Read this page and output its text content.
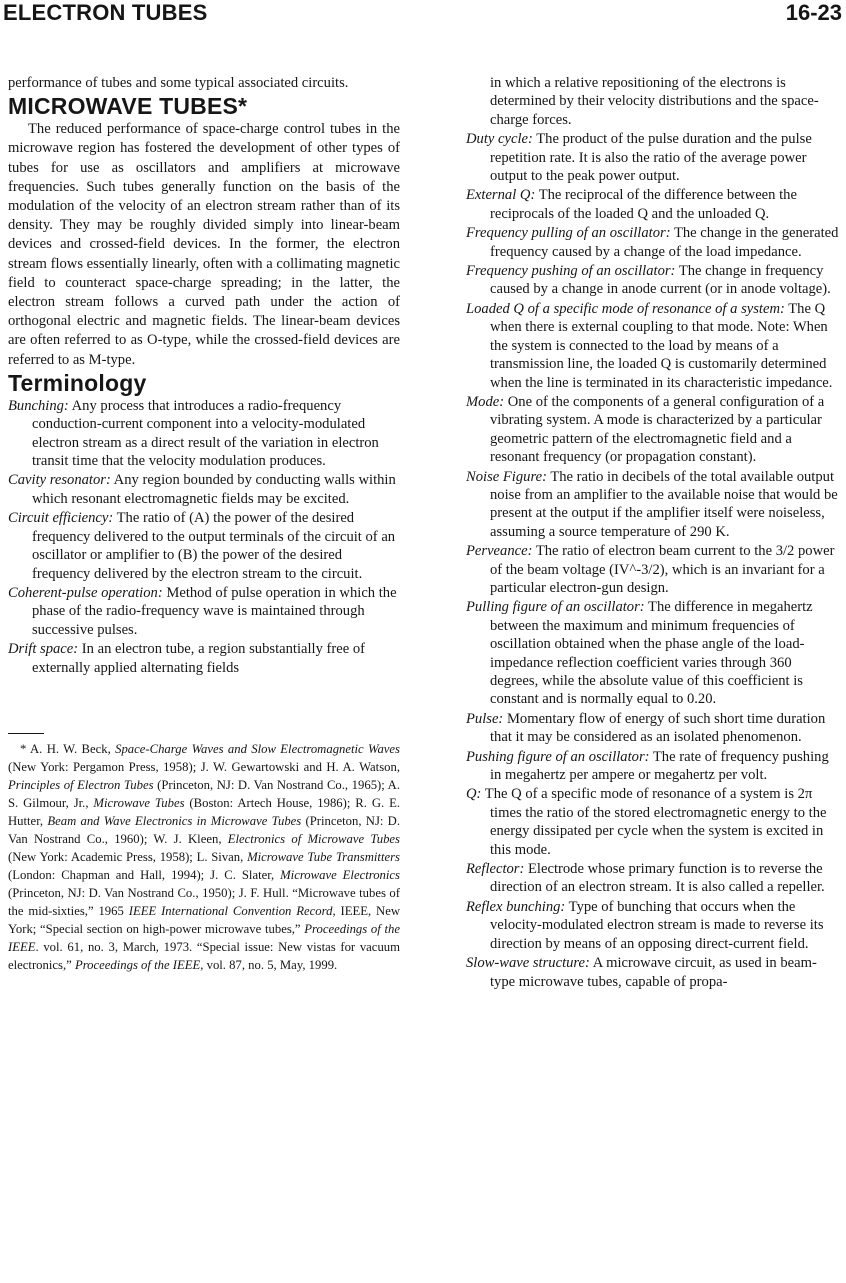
ELECTRON TUBES	16-23

performance of tubes and some typical associated circuits.

MICROWAVE TUBES*

The reduced performance of space-charge control tubes in the microwave region has fostered the development of other types of tubes for use as oscillators and amplifiers at microwave frequencies. Such tubes generally function on the basis of the modulation of the velocity of an electron stream rather than of its density. They may be roughly divided simply into linear-beam devices and crossed-field devices. In the former, the electron stream flows essentially linearly, often with a collimating magnetic field to counteract space-charge spreading; in the latter, the electron stream follows a curved path under the action of orthogonal electric and magnetic fields. The linear-beam devices are often referred to as O-type, while the crossed-field devices are referred to as M-type.

Terminology

Bunching: Any process that introduces a radio-frequency conduction-current component into a velocity-modulated electron stream as a direct result of the variation in electron transit time that the velocity modulation produces.

Cavity resonator: Any region bounded by conducting walls within which resonant electromagnetic fields may be excited.

Circuit efficiency: The ratio of (A) the power of the desired frequency delivered to the output terminals of the circuit of an oscillator or amplifier to (B) the power of the desired frequency delivered by the electron stream to the circuit.

Coherent-pulse operation: Method of pulse operation in which the phase of the radio-frequency wave is maintained through successive pulses.

Drift space: In an electron tube, a region substantially free of externally applied alternating fields

* A. H. W. Beck, Space-Charge Waves and Slow Electromagnetic Waves (New York: Pergamon Press, 1958); J. W. Gewartowski and H. A. Watson, Principles of Electron Tubes (Princeton, NJ: D. Van Nostrand Co., 1965); A. S. Gilmour, Jr., Microwave Tubes (Boston: Artech House, 1986); R. G. E. Hutter, Beam and Wave Electronics in Microwave Tubes (Princeton, NJ: D. Van Nostrand Co., 1960); W. J. Kleen, Electronics of Microwave Tubes (New York: Academic Press, 1958); L. Sivan, Microwave Tube Transmitters (London: Chapman and Hall, 1994); J. C. Slater, Microwave Electronics (Princeton, NJ: D. Van Nostrand Co., 1950); J. F. Hull. “Microwave tubes of the mid-sixties,” 1965 IEEE International Convention Record, IEEE, New York; “Special section on high-power microwave tubes,” Proceedings of the IEEE. vol. 61, no. 3, March, 1973. “Special issue: New vistas for vacuum electronics,” Proceedings of the IEEE, vol. 87, no. 5, May, 1999.

in which a relative repositioning of the electrons is determined by their velocity distributions and the space-charge forces.

Duty cycle: The product of the pulse duration and the pulse repetition rate. It is also the ratio of the average power output to the peak power output.

External Q: The reciprocal of the difference between the reciprocals of the loaded Q and the unloaded Q.

Frequency pulling of an oscillator: The change in the generated frequency caused by a change of the load impedance.

Frequency pushing of an oscillator: The change in frequency caused by a change in anode current (or in anode voltage).

Loaded Q of a specific mode of resonance of a system: The Q when there is external coupling to that mode. Note: When the system is connected to the load by means of a transmission line, the loaded Q is customarily determined when the line is terminated in its characteristic impedance.

Mode: One of the components of a general configuration of a vibrating system. A mode is characterized by a particular geometric pattern of the electromagnetic field and a resonant frequency (or propagation constant).

Noise Figure: The ratio in decibels of the total available output noise from an amplifier to the available noise that would be present at the output if the amplifier itself were noiseless, assuming a source temperature of 290 K.

Perveance: The ratio of electron beam current to the 3/2 power of the beam voltage (IV^-3/2), which is an invariant for a particular electron-gun design.

Pulling figure of an oscillator: The difference in megahertz between the maximum and minimum frequencies of oscillation obtained when the phase angle of the load-impedance reflection coefficient varies through 360 degrees, while the absolute value of this coefficient is constant and is normally equal to 0.20.

Pulse: Momentary flow of energy of such short time duration that it may be considered as an isolated phenomenon.

Pushing figure of an oscillator: The rate of frequency pushing in megahertz per ampere or megahertz per volt.

Q: The Q of a specific mode of resonance of a system is 2π times the ratio of the stored electromagnetic energy to the energy dissipated per cycle when the system is excited in this mode.

Reflector: Electrode whose primary function is to reverse the direction of an electron stream. It is also called a repeller.

Reflex bunching: Type of bunching that occurs when the velocity-modulated electron stream is made to reverse its direction by means of an opposing direct-current field.

Slow-wave structure: A microwave circuit, as used in beam-type microwave tubes, capable of propa-
